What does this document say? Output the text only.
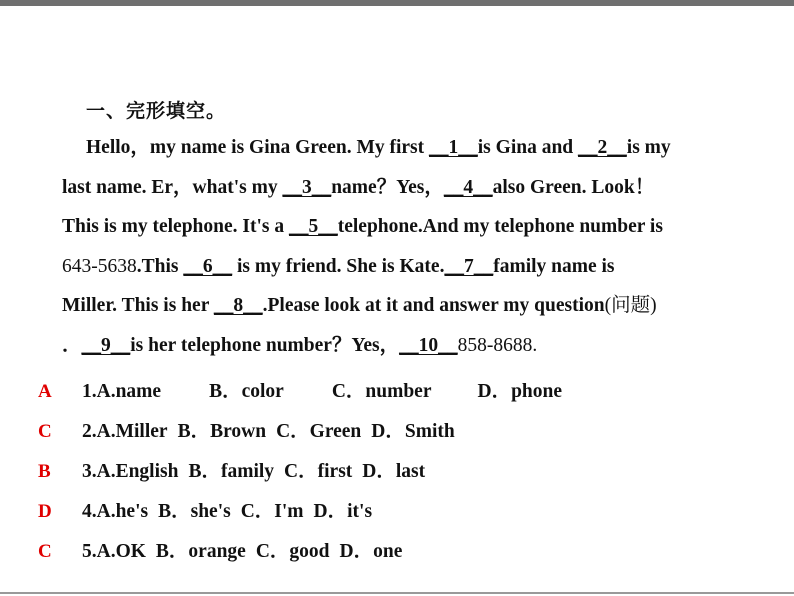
一、完形填空。
Hello，my name is Gina Green. My first __1__is Gina and __2__is my
last name. Er，what's my __3__name？Yes，__4__also Green. Look！
This is my telephone. It's a __5__telephone.And my telephone number is
643-5638.This __6__ is my friend. She is Kate.__7__family name is
Miller. This is her __8__.Please look at it and answer my question(问题)
．__9__is her telephone number？Yes，__10__858-8688.
A 1.A.name B．color C．number D．phone
C 2.A.Miller B．Brown C．Green D．Smith
B 3.A.English B．family C．first D．last
D 4.A.he's B．she's C．I'm D．it's
C 5.A.OK B．orange C．good D．one
